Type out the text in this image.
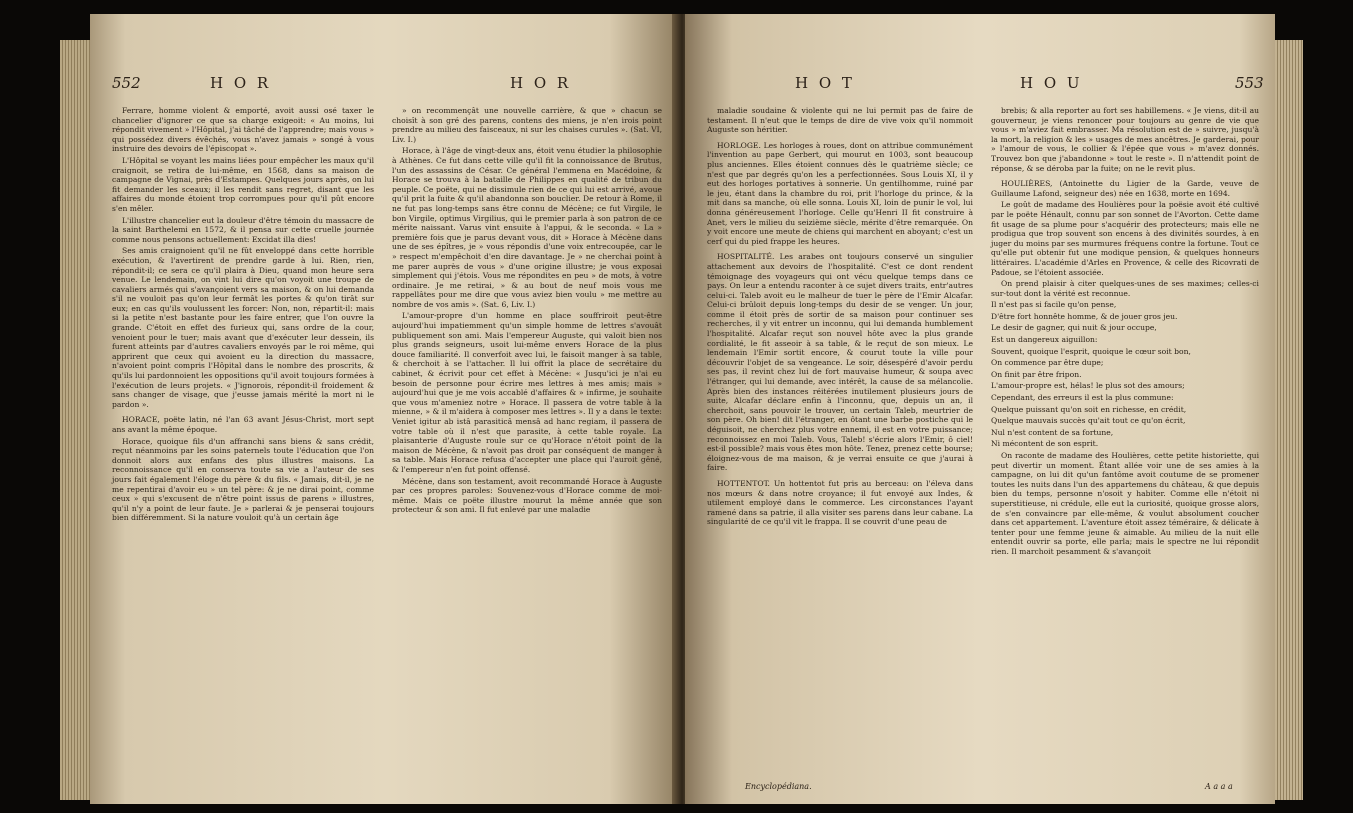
552	H O R	H O R

Ferrare, homme violent & emporté, avoit aussi osé taxer le chancelier d'ignorer ce que sa charge exigeoit: « Au moins, lui répondit vivement » l'Hôpital, j'ai tâché de l'apprendre; mais vous » qui possédez divers évêchés, vous n'avez jamais » songé à vous instruire des devoirs de l'épiscopat ».

L'Hôpital se voyant les mains liées pour empêcher les maux qu'il craignoit, se retira de lui-même, en 1568, dans sa maison de campagne de Vignai, près d'Estampes. Quelques jours après, on lui fit demander les sceaux; il les rendit sans regret, disant que les affaires du monde étoient trop corrompues pour qu'il pût encore s'en mêler.

L'illustre chancelier eut la douleur d'être témoin du massacre de la saint Barthelemi en 1572, & il pensa sur cette cruelle journée comme nous pensons actuellement: Excidat illa dies!

Ses amis craignoient qu'il ne fût enveloppé dans cette horrible exécution, & l'avertirent de prendre garde à lui. Rien, rien, répondit-il; ce sera ce qu'il plaira à Dieu, quand mon heure sera venue. Le lendemain, on vint lui dire qu'on voyoit une troupe de cavaliers armés qui s'avançoient vers sa maison, & on lui demanda s'il ne vouloit pas qu'on leur fermât les portes & qu'on tirât sur eux; en cas qu'ils voulussent les forcer: Non, non, répartit-il: mais si la petite n'est bastante pour les faire entrer, que l'on ouvre la grande. C'étoit en effet des furieux qui, sans ordre de la cour, venoient pour le tuer; mais avant que d'exécuter leur dessein, ils furent atteints par d'autres cavaliers envoyés par le roi même, qui apprirent que ceux qui avoient eu la direction du massacre, n'avoient point compris l'Hôpital dans le nombre des proscrits, & qu'ils lui pardonnoient les oppositions qu'il avoit toujours formées à l'exécution de leurs projets. « J'ignorois, répondit-il froidement & sans changer de visage, que j'eusse jamais mérité la mort ni le pardon ».

HORACE, poëte latin, né l'an 63 avant Jésus-Christ, mort sept ans avant la même époque.

Horace, quoique fils d'un affranchi sans biens & sans crédit, reçut néanmoins par les soins paternels toute l'éducation que l'on donnoit alors aux enfans des plus illustres maisons. La reconnoissance qu'il en conserva toute sa vie a l'auteur de ses jours fait également l'éloge du père & du fils. « Jamais, dit-il, je ne me repentirai d'avoir eu » un tel père: & je ne dirai point, comme ceux » qui s'excusent de n'être point issus de parens » illustres, qu'il n'y a point de leur faute. Je » parlerai & je penserai toujours bien différemment. Si la nature vouloit qu'à un certain âge

» on recommençât une nouvelle carrière, & que » chacun se choisît à son gré des parens, contens des miens, je n'en irois point prendre au milieu des faisceaux, ni sur les chaises curules ». (Sat. VI, Liv. I.)

Horace, à l'âge de vingt-deux ans, étoit venu étudier la philosophie à Athènes. Ce fut dans cette ville qu'il fit la connoissance de Brutus, l'un des assassins de César. Ce général l'emmena en Macédoine, & Horace se trouva à la bataille de Philippes en qualité de tribun du peuple. Ce poëte, qui ne dissimule rien de ce qui lui est arrivé, avoue qu'il prit la fuite & qu'il abandonna son bouclier. De retour à Rome, il ne fut pas long-temps sans être connu de Mécène; ce fut Virgile, le bon Virgile, optimus Virgilius, qui le premier parla à son patron de ce mérite naissant. Varus vint ensuite à l'appui, & le seconda. « La » première fois que je parus devant vous, dit » Horace à Mécène dans une de ses épîtres, je » vous répondis d'une voix entrecoupée, car le » respect m'empêchoit d'en dire davantage. Je » ne cherchai point à me parer auprès de vous » d'une origine illustre; je vous exposai simplement qui j'étois. Vous me répondites en peu » de mots, à votre ordinaire. Je me retirai, » & au bout de neuf mois vous me rappellâtes pour me dire que vous aviez bien voulu » me mettre au nombre de vos amis ». (Sat. 6, Liv. I.)

L'amour-propre d'un homme en place souffriroit peut-être aujourd'hui impatiemment qu'un simple homme de lettres s'avouât publiquement son ami. Mais l'empereur Auguste, qui valoit bien nos plus grands seigneurs, usoit lui-même envers Horace de la plus douce familiarité. Il converfoit avec lui, le faisoit manger à sa table, & cherchoit à se l'attacher. Il lui offrit la place de secrétaire du cabinet, & écrivit pour cet effet à Mécène: « Jusqu'ici je n'ai eu besoin de personne pour écrire mes lettres à mes amis; mais » aujourd'hui que je me vois accablé d'affaires & » infirme, je souhaite que vous m'ameniez notre » Horace. Il passera de votre table à la mienne, » & il m'aidera à composer mes lettres ». Il y a dans le texte: Veniet igitur ab istâ parasiticâ mensâ ad hanc regiam, il passera de votre table où il n'est que parasite, à cette table royale. La plaisanterie d'Auguste roule sur ce qu'Horace n'étoit point de la maison de Mécène, & n'avoit pas droit par conséquent de manger à sa table. Mais Horace refusa d'accepter une place qui l'auroit gêné, & l'empereur n'en fut point offensé.

Mécène, dans son testament, avoit recommandé Horace à Auguste par ces propres paroles: Souvenez-vous d'Horace comme de moi-même. Mais ce poëte illustre mourut la même année que son protecteur & son ami. Il fut enlevé par une maladie

H O T	H O U	553

maladie soudaine & violente qui ne lui permit pas de faire de testament. Il n'eut que le temps de dire de vive voix qu'il nommoit Auguste son héritier.

HORLOGE. Les horloges à roues, dont on attribue communément l'invention au pape Gerbert, qui mourut en 1003, sont beaucoup plus anciennes. Elles étoient connues dès le quatrième siècle; ce n'est que par degrés qu'on les a perfectionnées. Sous Louis XI, il y eut des horloges portatives à sonnerie. Un gentilhomme, ruiné par le jeu, étant dans la chambre du roi, prit l'horloge du prince, & la mit dans sa manche, où elle sonna. Louis XI, loin de punir le vol, lui donna généreusement l'horloge. Celle qu'Henri II fit construire à Anet, vers le milieu du seizième siècle, mérite d'être remarquée. On y voit encore une meute de chiens qui marchent en aboyant; c'est un cerf qui du pied frappe les heures.

HOSPITALITÉ. Les arabes ont toujours conservé un singulier attachement aux devoirs de l'hospitalité. C'est ce dont rendent témoignage des voyageurs qui ont vécu quelque temps dans ce pays. On leur a entendu raconter à ce sujet divers traits, entr'autres celui-ci. Taleb avoit eu le malheur de tuer le père de l'Emir Alcafar. Celui-ci brûloit depuis long-temps du desir de se venger. Un jour, comme il étoit près de sortir de sa maison pour continuer ses recherches, il y vit entrer un inconnu, qui lui demanda humblement l'hospitalité. Alcafar reçut son nouvel hôte avec la plus grande cordialité, le fit asseoir à sa table, & le reçut de son mieux. Le lendemain l'Emir sortit encore, & courut toute la ville pour découvrir l'objet de sa vengeance. Le soir, désespéré d'avoir perdu ses pas, il revint chez lui de fort mauvaise humeur, & soupa avec l'étranger, qui lui demande, avec intérêt, la cause de sa mélancolie. Après bien des instances réitérées inutilement plusieurs jours de suite, Alcafar déclare enfin à l'inconnu, que, depuis un an, il cherchoit, sans pouvoir le trouver, un certain Taleb, meurtrier de son père. Oh bien! dit l'étranger, en ôtant une barbe postiche qui le déguisoit, ne cherchez plus votre ennemi, il est en votre puissance; reconnoissez en moi Taleb. Vous, Taleb! s'écrie alors l'Emir, ô ciel! est-il possible? mais vous êtes mon hôte. Tenez, prenez cette bourse; éloignez-vous de ma maison, & je verrai ensuite ce que j'aurai à faire.

HOTTENTOT. Un hottentot fut pris au berceau: on l'éleva dans nos mœurs & dans notre croyance; il fut envoyé aux Indes, & utilement employé dans le commerce. Les circonstances l'ayant ramené dans sa patrie, il alla visiter ses parens dans leur cabane. La singularité de ce qu'il vit le frappa. Il se couvrit d'une peau de

brebis; & alla reporter au fort ses habillemens. « Je viens, dit-il au gouverneur, je viens renoncer pour toujours au genre de vie que vous » m'aviez fait embrasser. Ma résolution est de » suivre, jusqu'à la mort, la religion & les » usages de mes ancêtres. Je garderai, pour » l'amour de vous, le collier & l'épée que vous » m'avez donnés. Trouvez bon que j'abandonne » tout le reste ». Il n'attendit point de réponse, & se déroba par la fuite; on ne le revit plus.

HOULIÈRES, (Antoinette du Ligier de la Garde, veuve de Guillaume Lafond, seigneur des) née en 1638, morte en 1694.

Le goût de madame des Houlières pour la poësie avoit été cultivé par le poëte Hénault, connu par son sonnet de l'Avorton. Cette dame fit usage de sa plume pour s'acquérir des protecteurs; mais elle ne prodigua que trop souvent son encens à des divinités sourdes, à en juger du moins par ses murmures fréquens contre la fortune. Tout ce qu'elle put obtenir fut une modique pension, & quelques honneurs littéraires. L'académie d'Arles en Provence, & celle des Ricovrati de Padoue, se l'étoient associée.

On prend plaisir à citer quelques-unes de ses maximes; celles-ci sur-tout dont la vérité est reconnue.

Il n'est pas si facile qu'on pense,

D'être fort honnête homme, & de jouer gros jeu.

Le desir de gagner, qui nuit & jour occupe,

Est un dangereux aiguillon:

Souvent, quoique l'esprit, quoique le cœur soit bon,

On commence par être dupe;

On finit par être fripon.

L'amour-propre est, hélas! le plus sot des amours;

Cependant, des erreurs il est la plus commune:

Quelque puissant qu'on soit en richesse, en crédit,

Quelque mauvais succès qu'ait tout ce qu'on écrit,

Nul n'est content de sa fortune,

Ni mécontent de son esprit.

On raconte de madame des Houlières, cette petite historiette, qui peut divertir un moment. Étant allée voir une de ses amies à la campagne, on lui dit qu'un fantôme avoit coutume de se promener toutes les nuits dans l'un des appartemens du château, & que depuis bien du temps, personne n'osoit y habiter. Comme elle n'étoit ni superstitieuse, ni crédule, elle eut la curiosité, quoique grosse alors, de s'en convaincre par elle-même, & voulut absolument coucher dans cet appartement. L'aventure étoit assez téméraire, & délicate à tenter pour une femme jeune & aimable. Au milieu de la nuit elle entendit ouvrir sa porte, elle parla; mais le spectre ne lui répondit rien. Il marchoit pesamment & s'avançoit

Encyclopédiana.	A a a a
